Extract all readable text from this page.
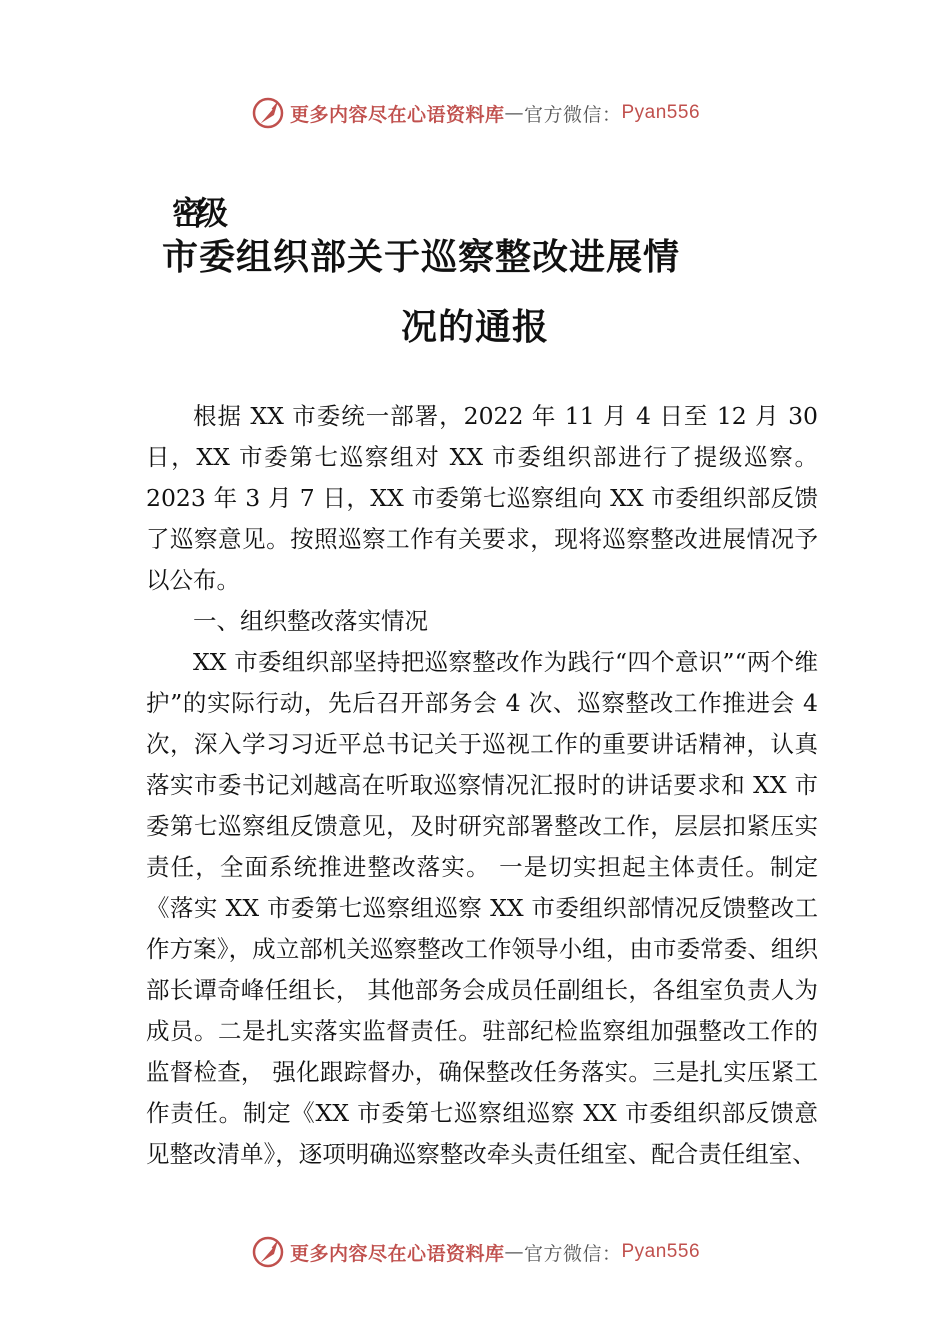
更多内容尽在心语资料库 — 官方微信： Pyan556
密级
市委组织部关于巡察整改进展情
况的通报

根据 XX 市委统一部署，2022 年 11 月 4 日至 12 月 30 日，XX 市委第七巡察组对 XX 市委组织部进行了提级巡察。 2023 年 3 月 7 日，XX 市委第七巡察组向 XX 市委组织部反馈了巡察意见。按照巡察工作有关要求，现将巡察整改进展情况予以公布。

一、组织整改落实情况

XX 市委组织部坚持把巡察整改作为践行“四个意识”“两个维护”的实际行动，先后召开部务会 4 次、巡察整改工作推进会 4 次，深入学习习近平总书记关于巡视工作的重要讲话精神，认真落实市委书记刘越高在听取巡察情况汇报时的讲话要求和 XX 市委第七巡察组反馈意见，及时研究部署整改工作，层层扣紧压实责任，全面系统推进整改落实。 一是切实担起主体责任。制定《落实 XX 市委第七巡察组巡察 XX 市委组织部情况反馈整改工作方案》，成立部机关巡察整改工作领导小组，由市委常委、组织部长谭奇峰任组长， 其他部务会成员任副组长，各组室负责人为成员。二是扎实落实监督责任。驻部纪检监察组加强整改工作的监督检查， 强化跟踪督办，确保整改任务落实。三是扎实压紧工作责任。制定《XX 市委第七巡察组巡察 XX 市委组织部反馈意见整改清单》，逐项明确巡察整改牵头责任组室、配合责任组室、

更多内容尽在心语资料库 — 官方微信： Pyan556
